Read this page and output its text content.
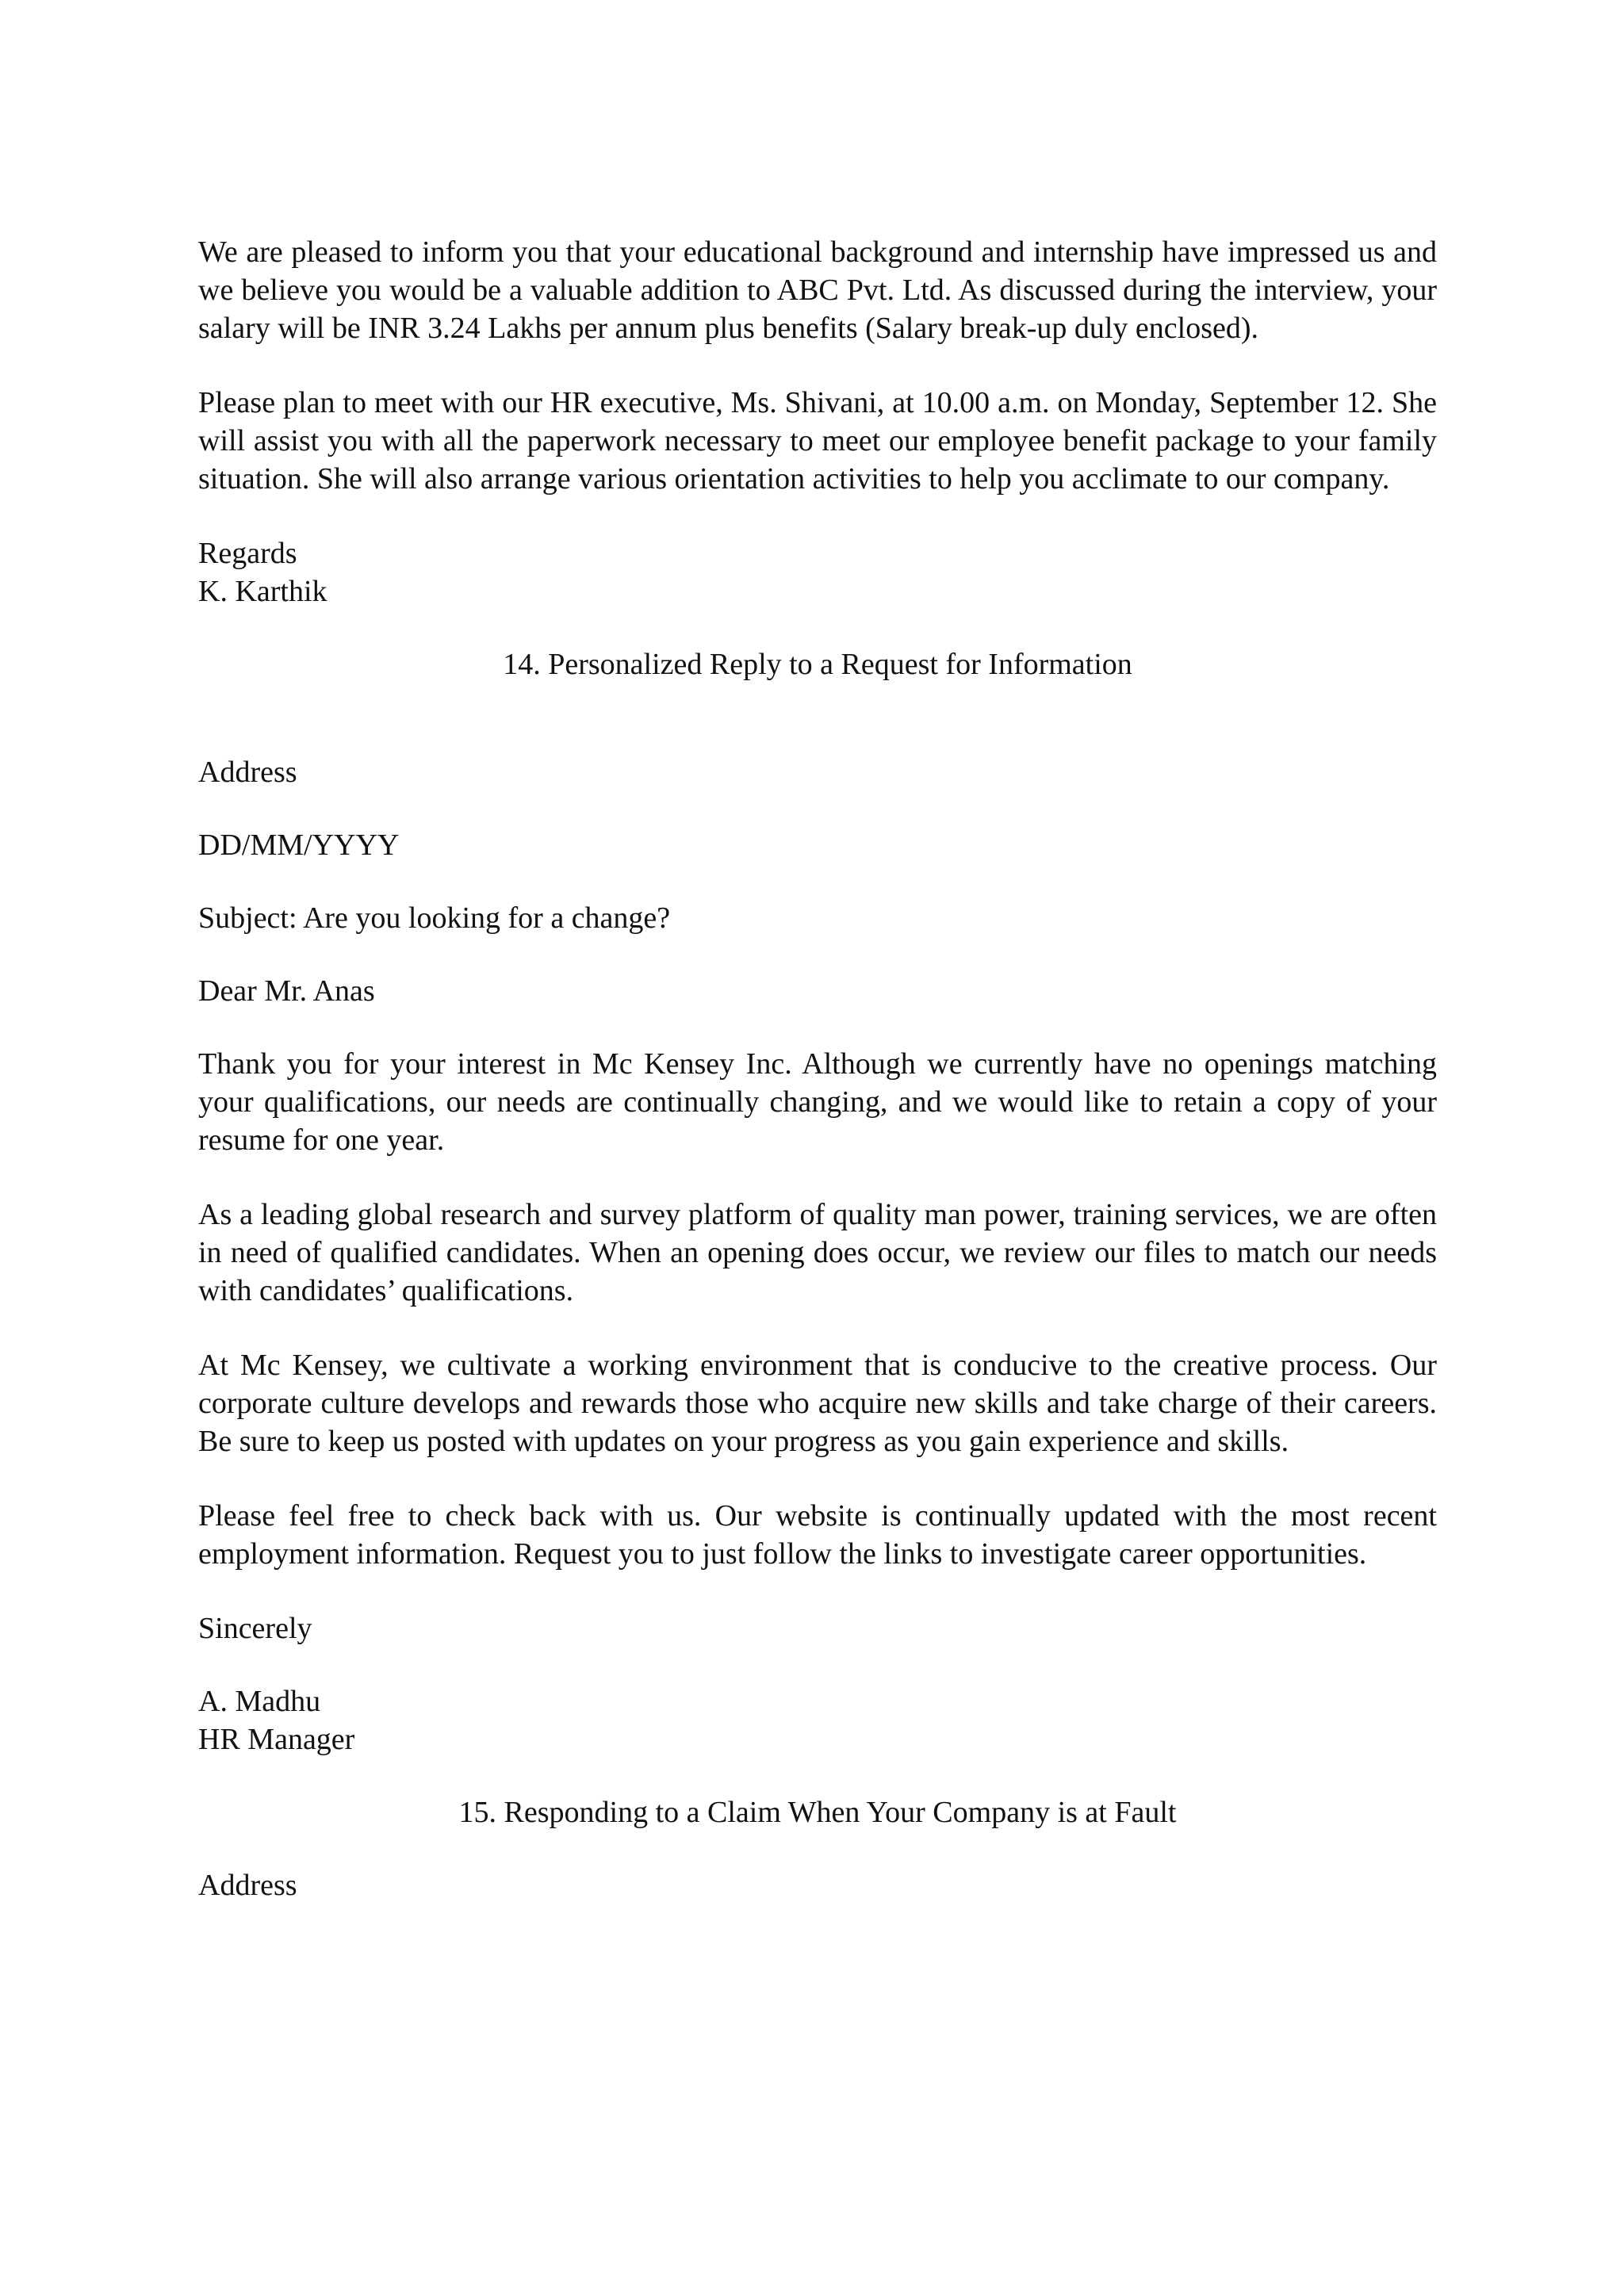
We are pleased to inform you that your educational background and internship have impressed us and we believe you would be a valuable addition to ABC Pvt. Ltd. As discussed during the interview, your salary will be INR 3.24 Lakhs per annum plus benefits (Salary break-up duly enclosed).

Please plan to meet with our HR executive, Ms. Shivani, at 10.00 a.m. on Monday, September 12. She will assist you with all the paperwork necessary to meet our employee benefit package to your family situation. She will also arrange various orientation activities to help you acclimate to our company.

Regards

K. Karthik

14. Personalized Reply to a Request for Information

Address

DD/MM/YYYY

Subject: Are you looking for a change?

Dear Mr. Anas

Thank you for your interest in Mc Kensey Inc. Although we currently have no openings matching your qualifications, our needs are continually changing, and we would like to retain a copy of your resume for one year.

As a leading global research and survey platform of quality man power, training services, we are often in need of qualified candidates. When an opening does occur, we review our files to match our needs with candidates’ qualifications.

At Mc Kensey, we cultivate a working environment that is conducive to the creative process. Our corporate culture develops and rewards those who acquire new skills and take charge of their careers. Be sure to keep us posted with updates on your progress as you gain experience and skills.

Please feel free to check back with us. Our website is continually updated with the most recent employment information. Request you to just follow the links to investigate career opportunities.

Sincerely

A. Madhu

HR Manager

15. Responding to a Claim When Your Company is at Fault

Address
